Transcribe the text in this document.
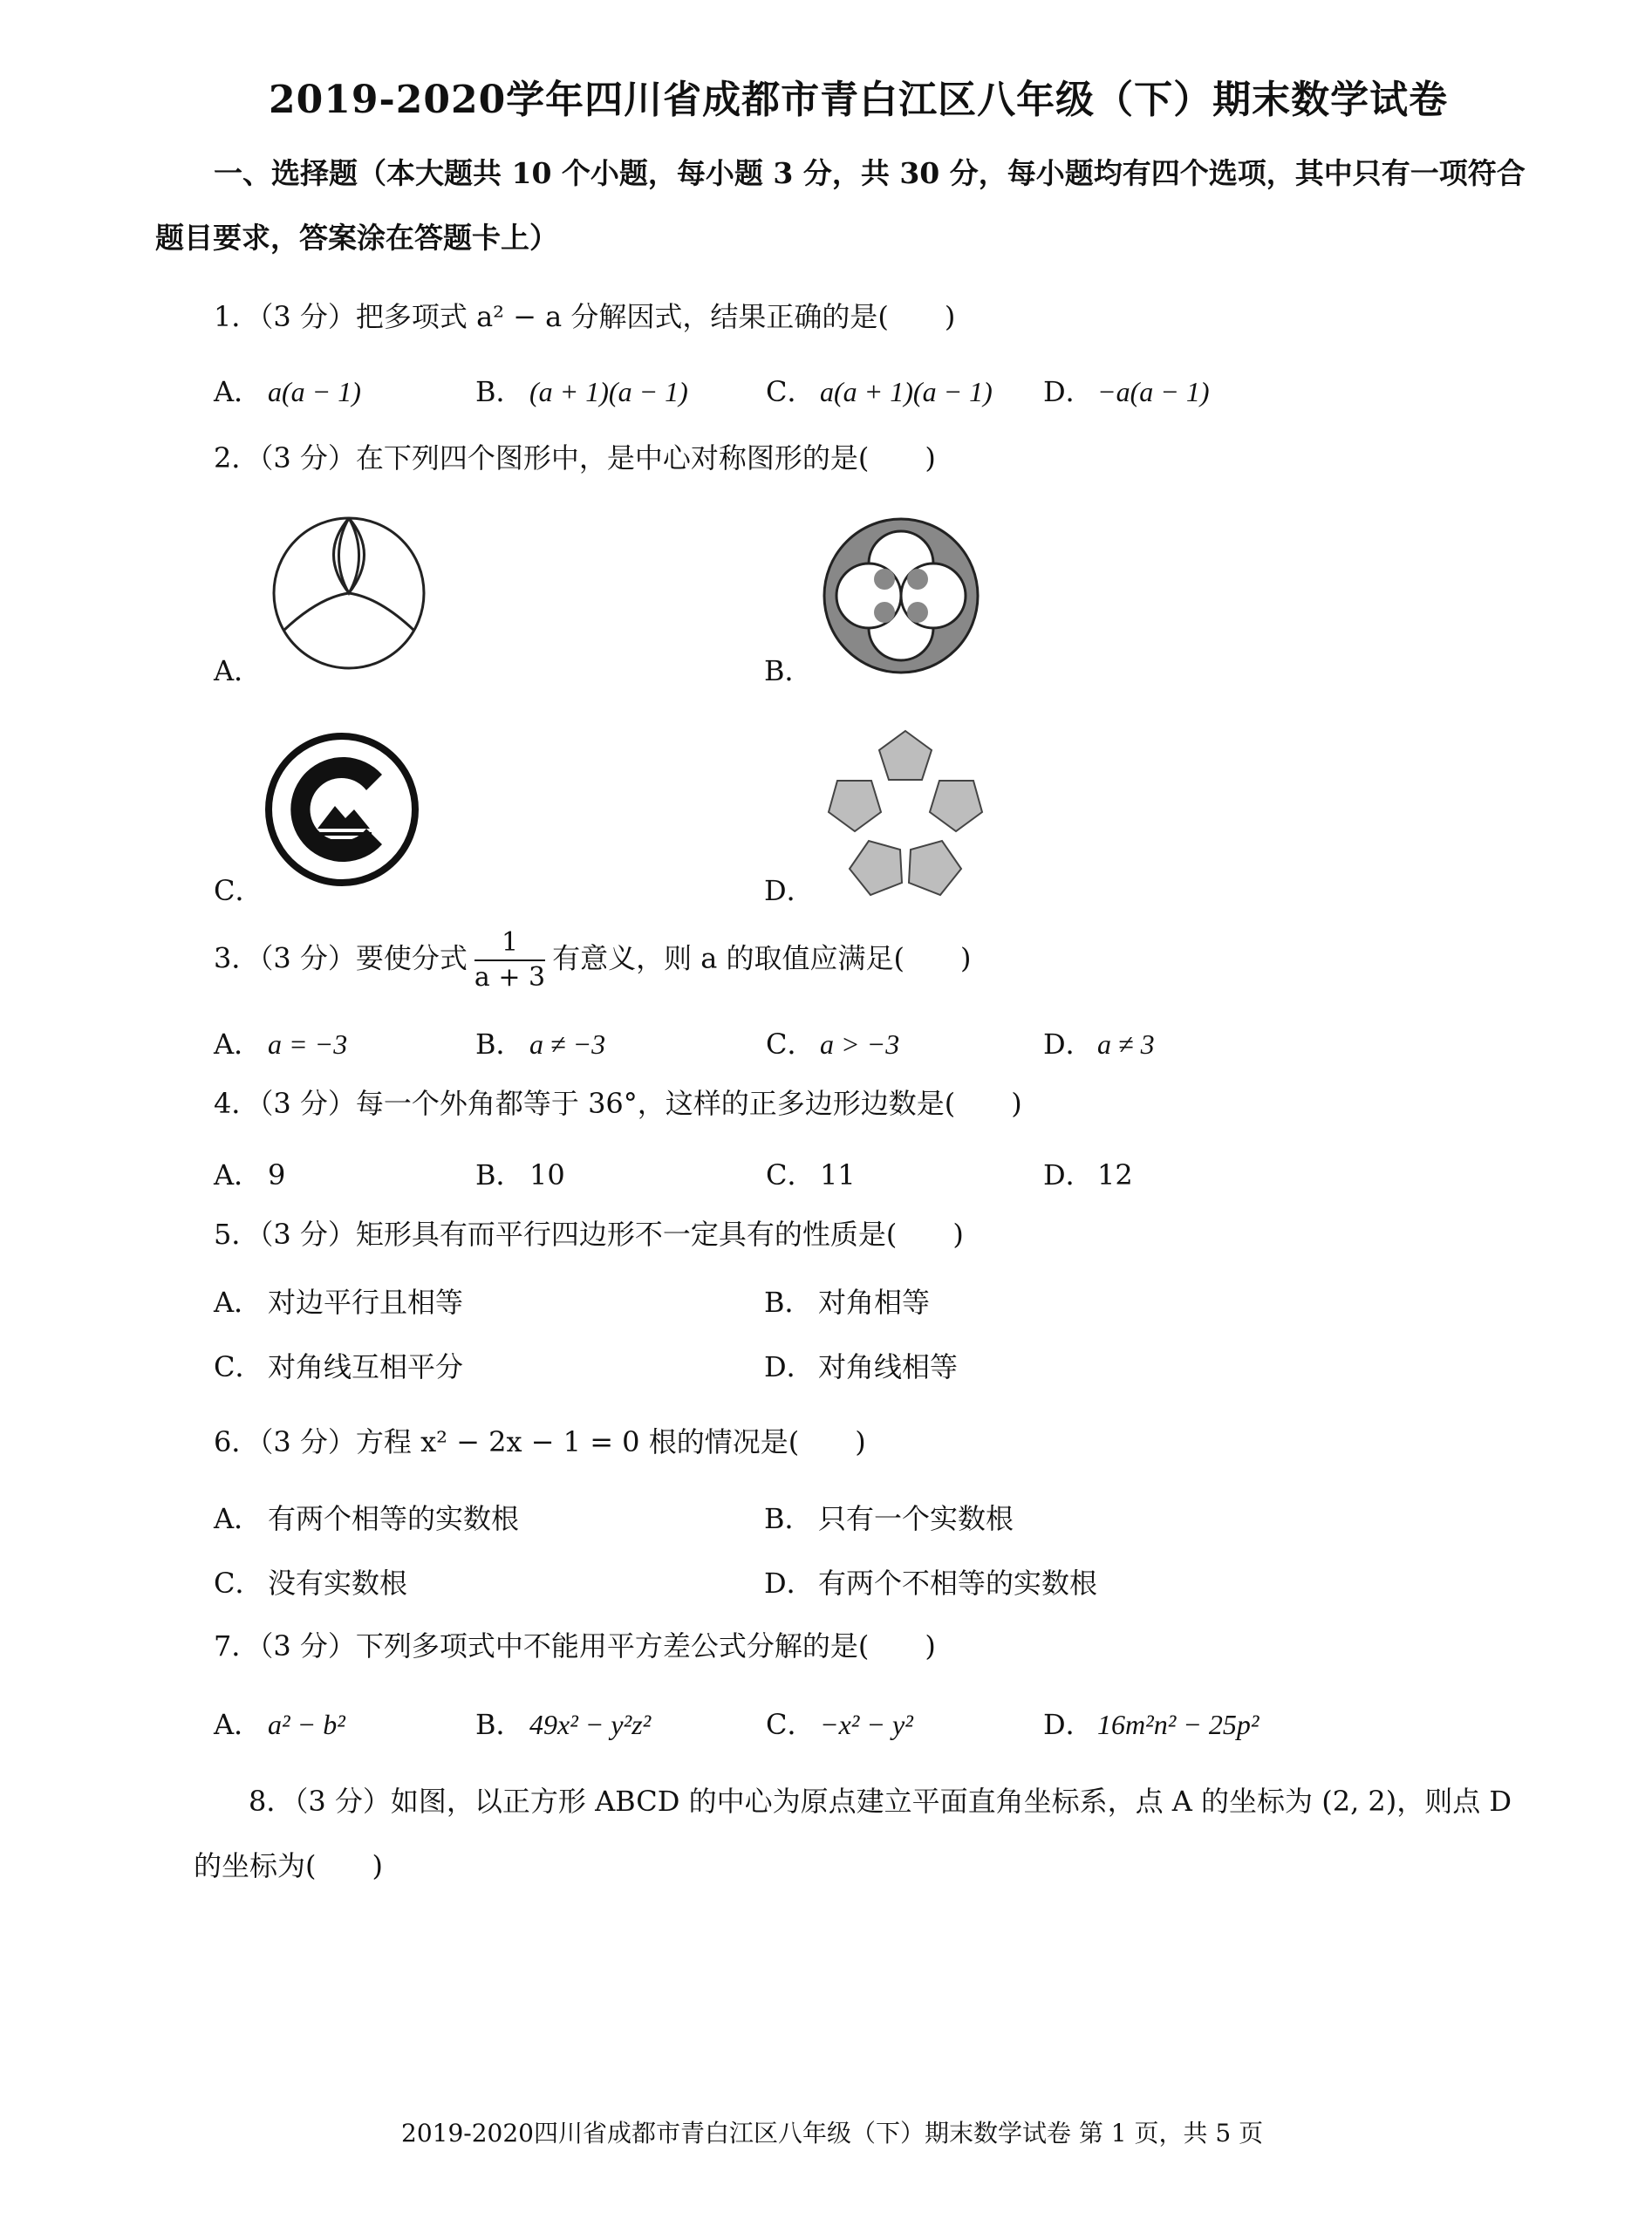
2019-2020学年四川省成都市青白江区八年级（下）期末数学试卷
一、选择题（本大题共 10 个小题，每小题 3 分，共 30 分，每小题均有四个选项，其中只有一项符合
题目要求，答案涂在答题卡上）
1．（3 分）把多项式 a² − a 分解因式，结果正确的是(　　)
A． a(a − 1)	B． (a + 1)(a − 1)	C． a(a + 1)(a − 1) D． −a(a − 1)
2．（3 分）在下列四个图形中，是中心对称图形的是(　　)
A．	B．
C．	D．
3．（3 分）要使分式 $\frac{1}{a + 3}$ 有意义，则 a 的取值应满足(　　)
A． a = −3	B． a ≠ −3	C． a > −3	D． a ≠ 3
4．（3 分）每一个外角都等于 36°，这样的正多边形边数是(　　)
A． 9	B． 10	C． 11	D． 12
5．（3 分）矩形具有而平行四边形不一定具有的性质是(　　)
A． 对边平行且相等	B． 对角相等
C． 对角线互相平分	D． 对角线相等
6．（3 分）方程 x² − 2x − 1 = 0 根的情况是(　　)
A． 有两个相等的实数根	B． 只有一个实数根
C． 没有实数根	D． 有两个不相等的实数根
7．（3 分）下列多项式中不能用平方差公式分解的是(　　)
A． a² − b²	B． 49x² − y²z²	C． −x² − y²	D． 16m²n² − 25p²
8．（3 分）如图，以正方形 ABCD 的中心为原点建立平面直角坐标系，点 A 的坐标为 (2, 2)，则点 D
的坐标为(　　)
2019-2020四川省成都市青白江区八年级（下）期末数学试卷 第 1 页，共 5 页
